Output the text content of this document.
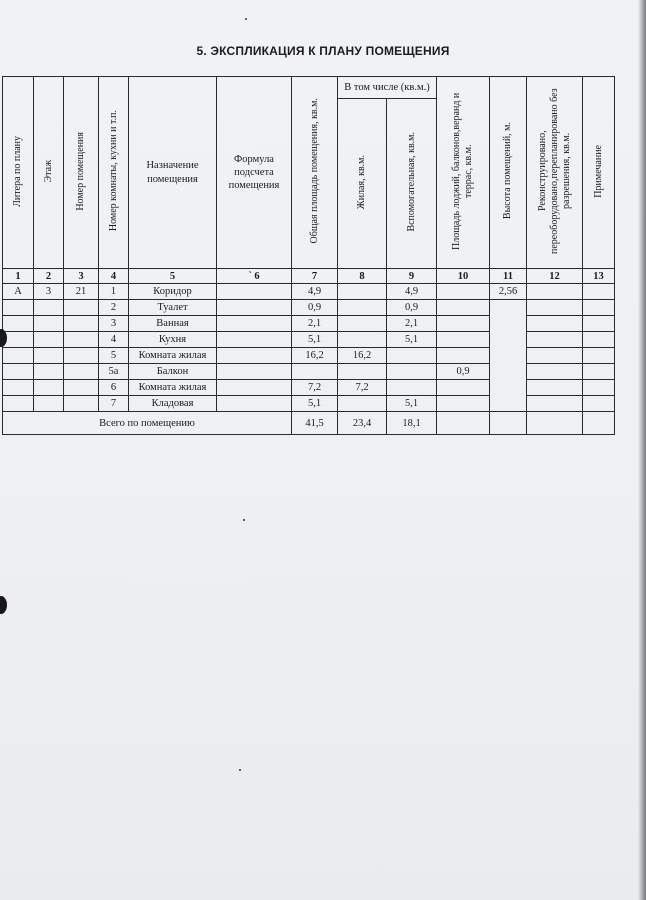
5. ЭКСПЛИКАЦИЯ К ПЛАНУ ПОМЕЩЕНИЯ
Литера по плану	Этаж	Номер помещения	Номер комнаты, кухни и т.п.	Назначение помещения	Формула подсчета помещения	Общая площадь помещения, кв.м.	В том числе (кв.м.)		Площадь лоджий, балконов,веранд и террас, кв.м.	Высота помещений, м.	Реконструировано, переоборудовано,перепланировано без разрешения, кв.м.	Примечание
							Жилая, кв.м.	Вспомогательная, кв.м.				
1	2	3	4	5	` 6	7	8	9	10	11	12	13
А	3	21	1	Коридор		4,9		4,9		2,56		
			2	Туалет		0,9		0,9				
			3	Ванная		2,1		2,1				
			4	Кухня		5,1		5,1				
			5	Комната жилая		16,2	16,2					
			5а	Балкон					0,9			
			6	Комната жилая		7,2	7,2					
			7	Кладовая		5,1		5,1				
Всего по помещению						41,5	23,4	18,1				
